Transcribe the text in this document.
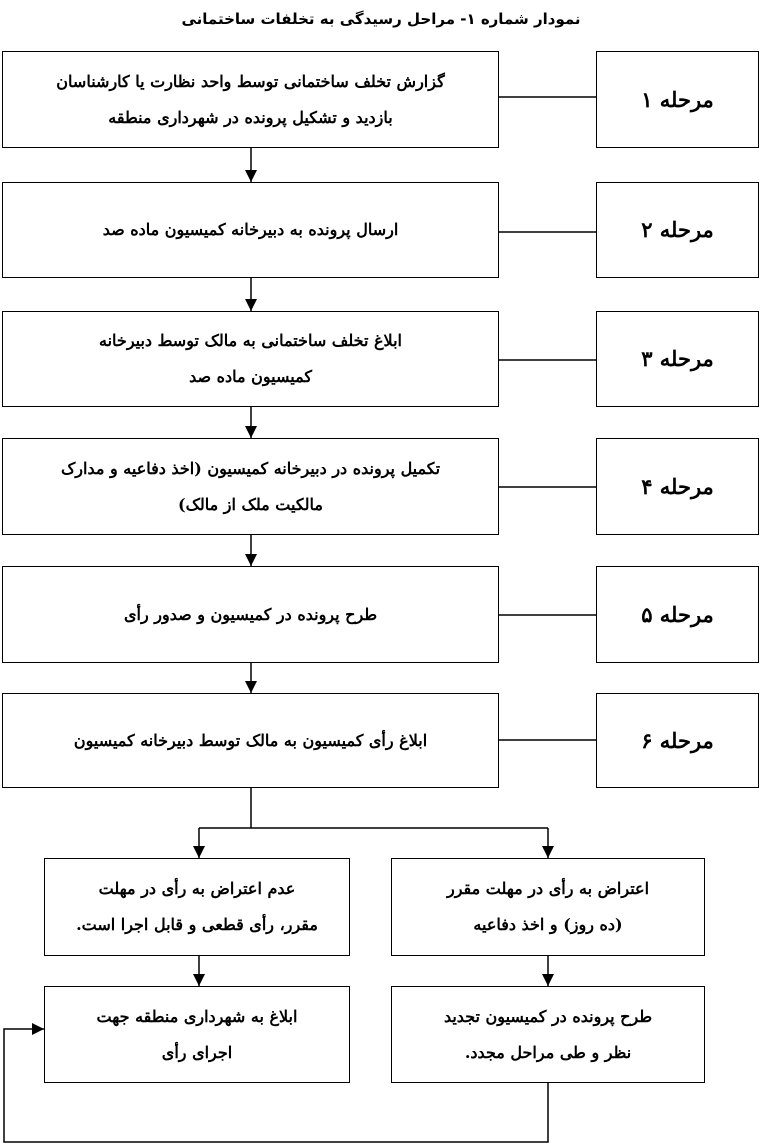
نمودار شماره ۱- مراحل رسیدگی به تخلفات ساختمانی
گزارش تخلف ساختمانی توسط واحد نظارت یا کارشناسان
بازدید و تشکیل پرونده در شهرداری منطقه
ارسال پرونده به دبیرخانه کمیسیون ماده صد
ابلاغ تخلف ساختمانی به مالک توسط دبیرخانه
کمیسیون ماده صد
تکمیل پرونده در دبیرخانه کمیسیون (اخذ دفاعیه و مدارک
مالکیت ملک از مالک)
طرح پرونده در کمیسیون و صدور رأی
ابلاغ رأی کمیسیون به مالک توسط دبیرخانه کمیسیون
مرحله ۱
مرحله ۲
مرحله ۳
مرحله ۴
مرحله ۵
مرحله ۶
اعتراض به رأی در مهلت مقرر
(ده روز) و اخذ دفاعیه
طرح پرونده در کمیسیون تجدید
نظر و طی مراحل مجدد.
عدم اعتراض به رأی در مهلت
مقرر، رأی قطعی و قابل اجرا است.
ابلاغ به شهرداری منطقه جهت
اجرای رأی
